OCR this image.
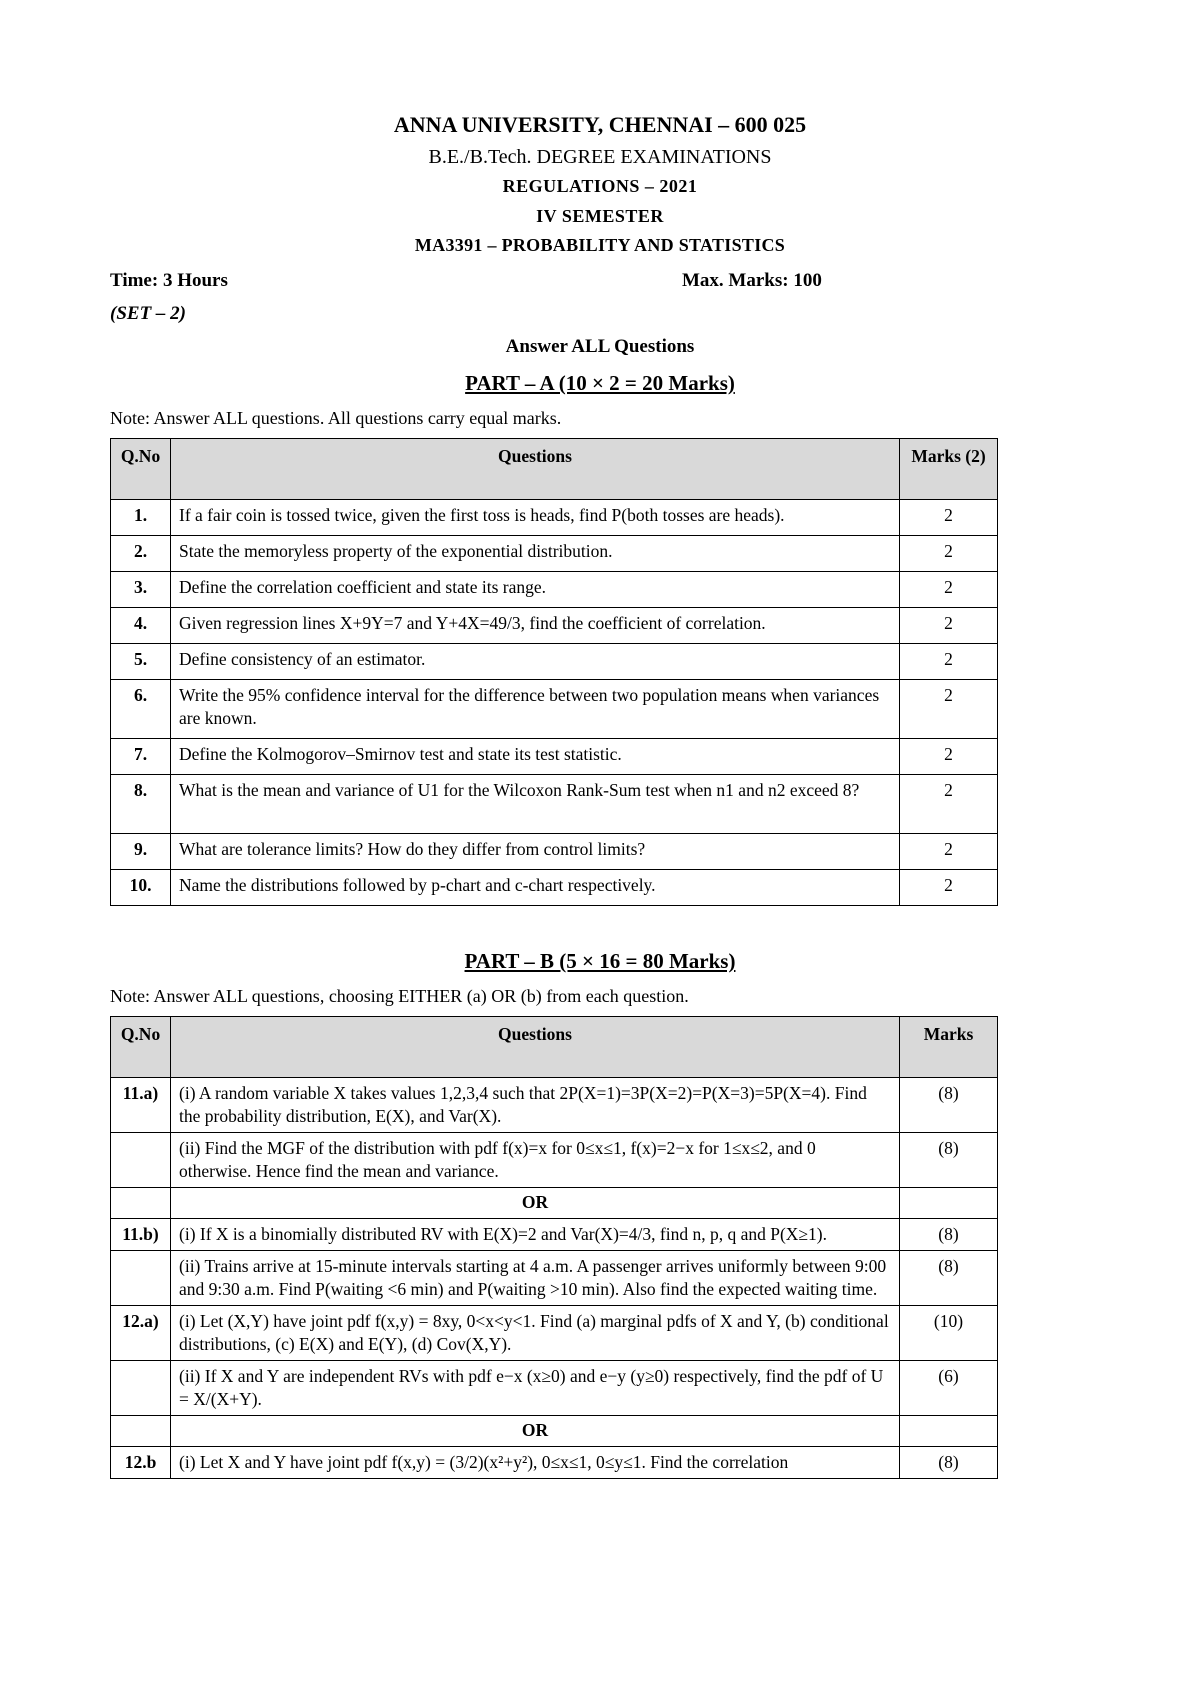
ANNA UNIVERSITY, CHENNAI – 600 025
B.E./B.Tech. DEGREE EXAMINATIONS
REGULATIONS – 2021
IV SEMESTER
MA3391 – PROBABILITY AND STATISTICS
Time: 3 Hours	Max. Marks: 100
(SET – 2)
Answer ALL Questions
PART – A (10 × 2 = 20 Marks)
Note: Answer ALL questions. All questions carry equal marks.
Q.No	Questions	Marks (2)
1.	If a fair coin is tossed twice, given the first toss is heads, find P(both tosses are heads).	2
2.	State the memoryless property of the exponential distribution.	2
3.	Define the correlation coefficient and state its range.	2
4.	Given regression lines X+9Y=7 and Y+4X=49/3, find the coefficient of correlation.	2
5.	Define consistency of an estimator.	2
6.	Write the 95% confidence interval for the difference between two population means when variances are known.	2
7.	Define the Kolmogorov–Smirnov test and state its test statistic.	2
8.	What is the mean and variance of U1 for the Wilcoxon Rank-Sum test when n1 and n2 exceed 8?	2
9.	What are tolerance limits? How do they differ from control limits?	2
10.	Name the distributions followed by p-chart and c-chart respectively.	2
PART – B (5 × 16 = 80 Marks)
Note: Answer ALL questions, choosing EITHER (a) OR (b) from each question.
Q.No	Questions	Marks
11.a)	(i) A random variable X takes values 1,2,3,4 such that 2P(X=1)=3P(X=2)=P(X=3)=5P(X=4). Find the probability distribution, E(X), and Var(X).	(8)
	(ii) Find the MGF of the distribution with pdf f(x)=x for 0≤x≤1, f(x)=2−x for 1≤x≤2, and 0 otherwise. Hence find the mean and variance.	(8)
	OR	
11.b)	(i) If X is a binomially distributed RV with E(X)=2 and Var(X)=4/3, find n, p, q and P(X≥1).	(8)
	(ii) Trains arrive at 15-minute intervals starting at 4 a.m. A passenger arrives uniformly between 9:00 and 9:30 a.m. Find P(waiting <6 min) and P(waiting >10 min). Also find the expected waiting time.	(8)
12.a)	(i) Let (X,Y) have joint pdf f(x,y) = 8xy, 0<x<y<1. Find (a) marginal pdfs of X and Y, (b) conditional distributions, (c) E(X) and E(Y), (d) Cov(X,Y).	(10)
	(ii) If X and Y are independent RVs with pdf e−x (x≥0) and e−y (y≥0) respectively, find the pdf of U = X/(X+Y).	(6)
	OR	
12.b	(i) Let X and Y have joint pdf f(x,y) = (3/2)(x²+y²), 0≤x≤1, 0≤y≤1. Find the correlation	(8)
